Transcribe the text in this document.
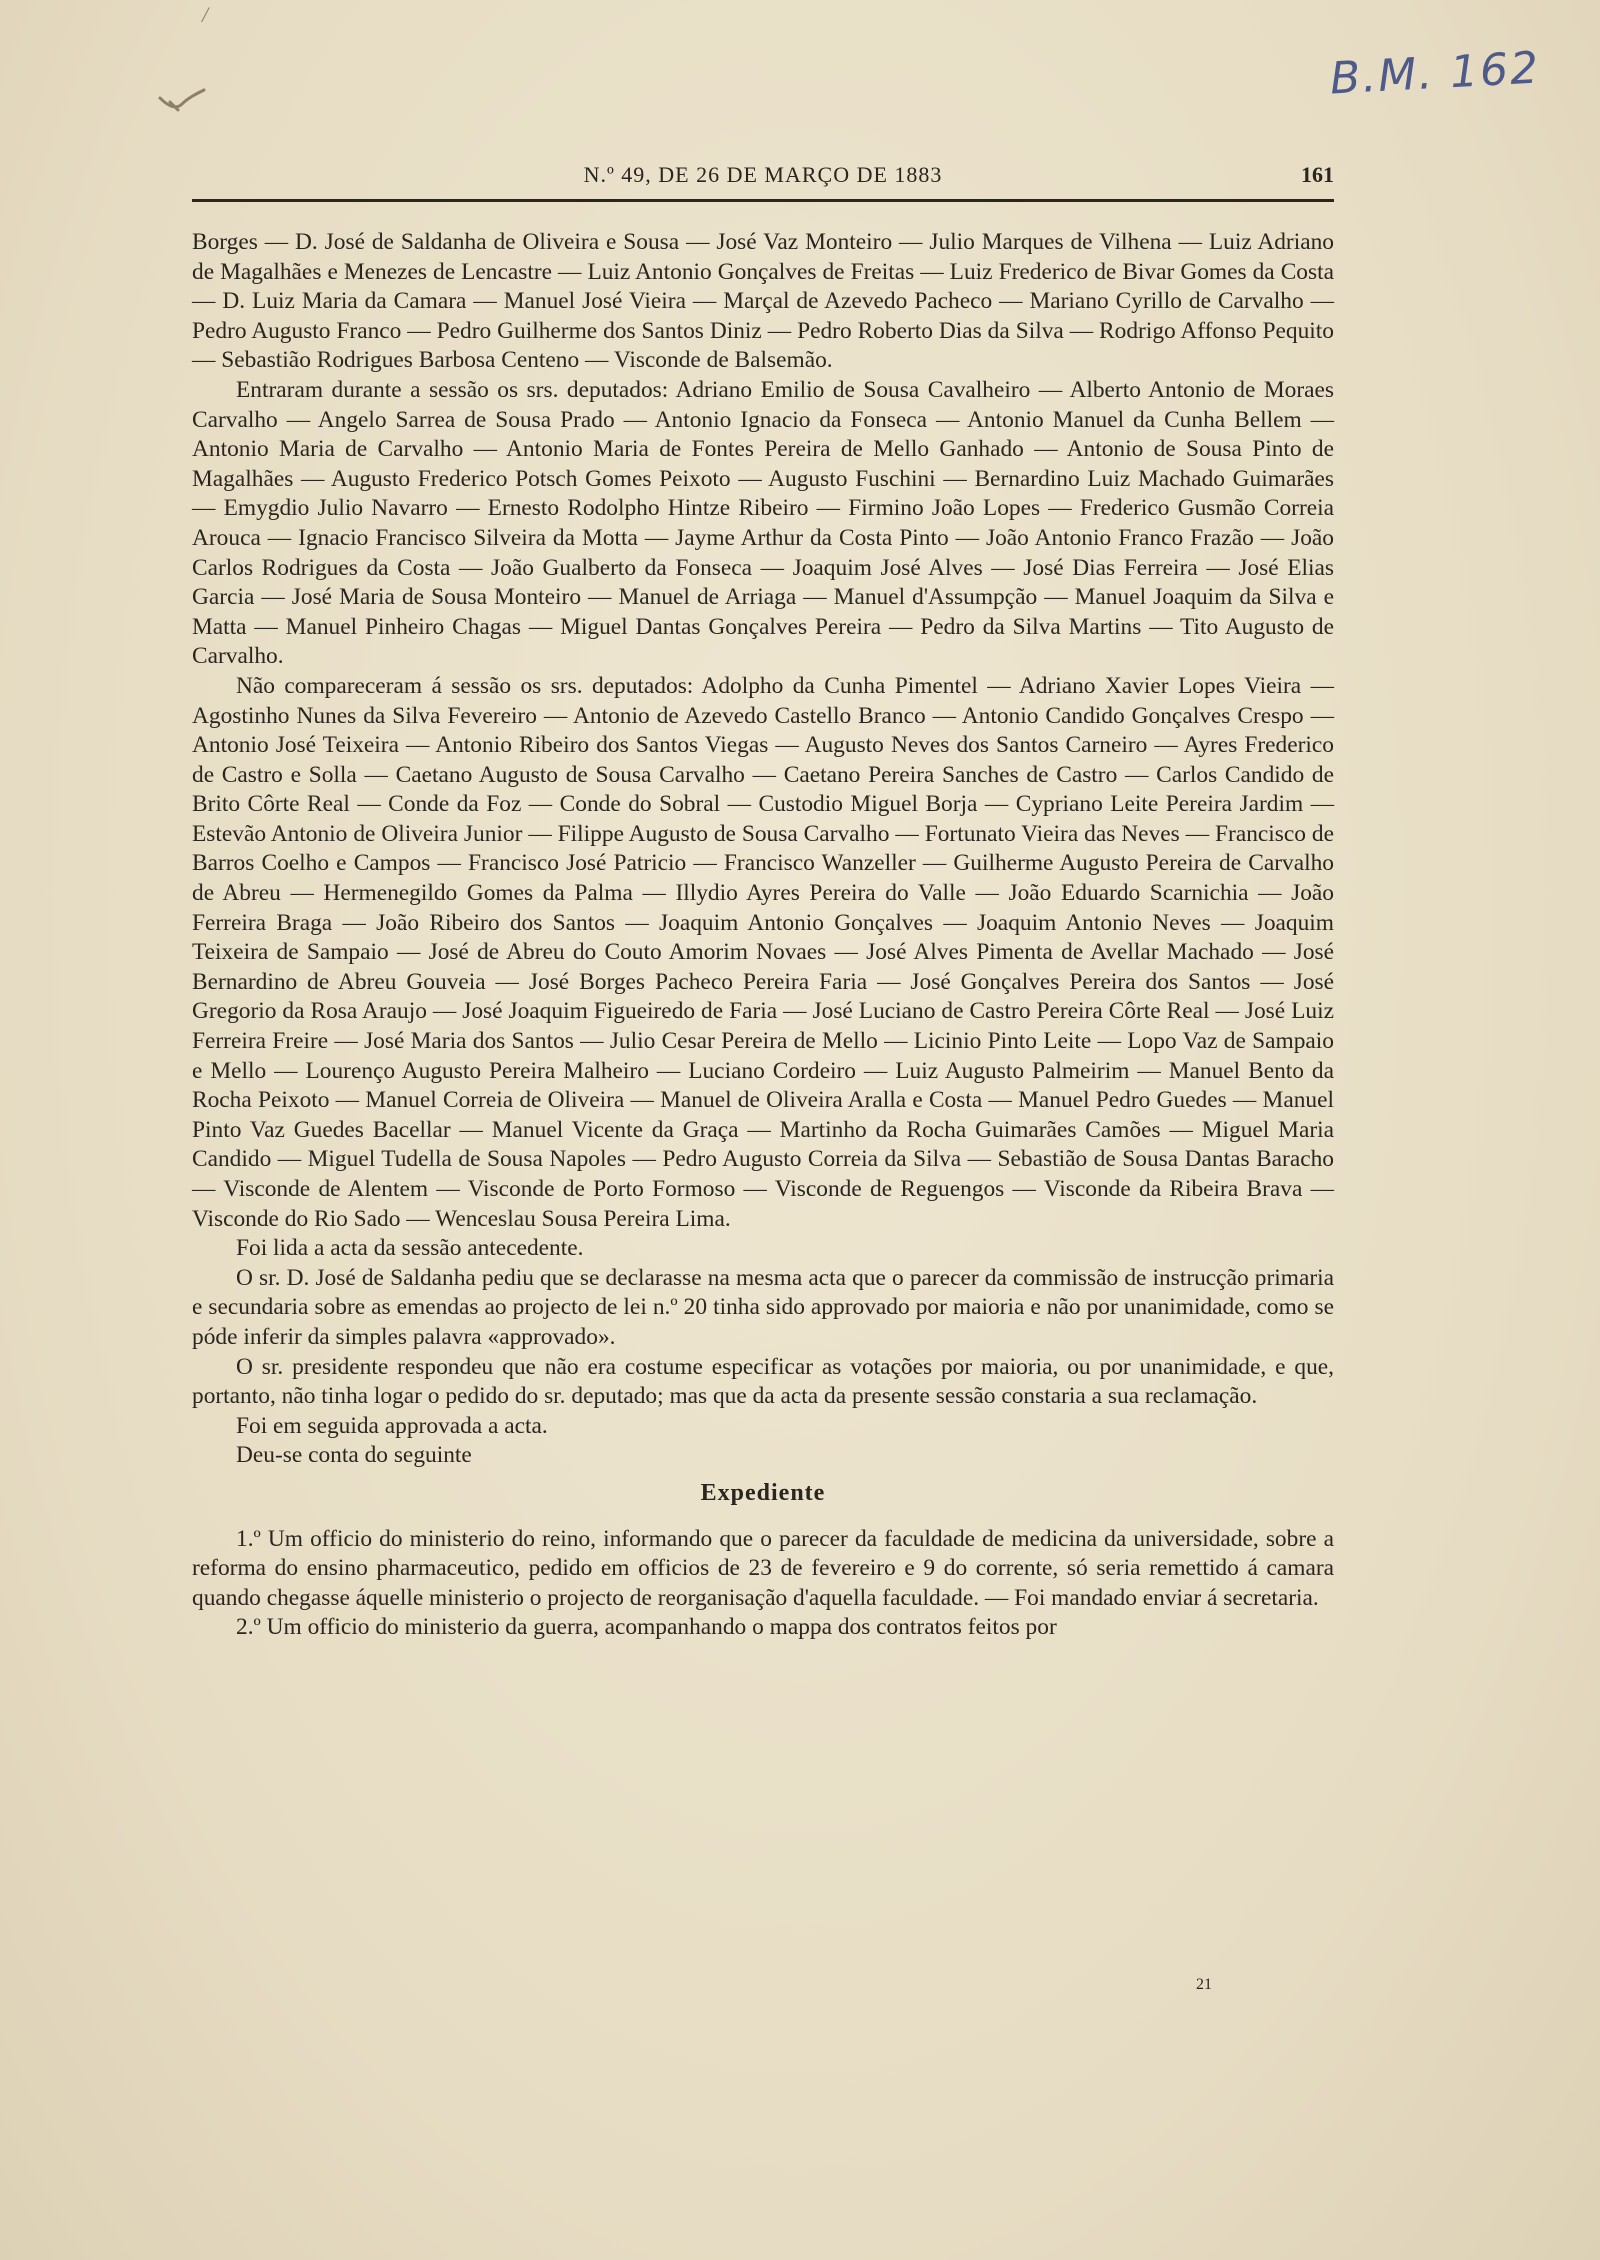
/
B.M. 162
N.º 49, DE 26 DE MARÇO DE 1883	161

Borges — D. José de Saldanha de Oliveira e Sousa — José Vaz Monteiro — Julio Marques de Vilhena — Luiz Adriano de Magalhães e Menezes de Lencastre — Luiz Antonio Gonçalves de Freitas — Luiz Frederico de Bivar Gomes da Costa — D. Luiz Maria da Camara — Manuel José Vieira — Marçal de Azevedo Pacheco — Mariano Cyrillo de Carvalho — Pedro Augusto Franco — Pedro Guilherme dos Santos Diniz — Pedro Roberto Dias da Silva — Rodrigo Affonso Pequito — Sebastião Rodrigues Barbosa Centeno — Visconde de Balsemão.

Entraram durante a sessão os srs. deputados: Adriano Emilio de Sousa Cavalheiro — Alberto Antonio de Moraes Carvalho — Angelo Sarrea de Sousa Prado — Antonio Ignacio da Fonseca — Antonio Manuel da Cunha Bellem — Antonio Maria de Carvalho — Antonio Maria de Fontes Pereira de Mello Ganhado — Antonio de Sousa Pinto de Magalhães — Augusto Frederico Potsch Gomes Peixoto — Augusto Fuschini — Bernardino Luiz Machado Guimarães — Emygdio Julio Navarro — Ernesto Rodolpho Hintze Ribeiro — Firmino João Lopes — Frederico Gusmão Correia Arouca — Ignacio Francisco Silveira da Motta — Jayme Arthur da Costa Pinto — João Antonio Franco Frazão — João Carlos Rodrigues da Costa — João Gualberto da Fonseca — Joaquim José Alves — José Dias Ferreira — José Elias Garcia — José Maria de Sousa Monteiro — Manuel de Arriaga — Manuel d'Assumpção — Manuel Joaquim da Silva e Matta — Manuel Pinheiro Chagas — Miguel Dantas Gonçalves Pereira — Pedro da Silva Martins — Tito Augusto de Carvalho.

Não compareceram á sessão os srs. deputados: Adolpho da Cunha Pimentel — Adriano Xavier Lopes Vieira — Agostinho Nunes da Silva Fevereiro — Antonio de Azevedo Castello Branco — Antonio Candido Gonçalves Crespo — Antonio José Teixeira — Antonio Ribeiro dos Santos Viegas — Augusto Neves dos Santos Carneiro — Ayres Frederico de Castro e Solla — Caetano Augusto de Sousa Carvalho — Caetano Pereira Sanches de Castro — Carlos Candido de Brito Côrte Real — Conde da Foz — Conde do Sobral — Custodio Miguel Borja — Cypriano Leite Pereira Jardim — Estevão Antonio de Oliveira Junior — Filippe Augusto de Sousa Carvalho — Fortunato Vieira das Neves — Francisco de Barros Coelho e Campos — Francisco José Patricio — Francisco Wanzeller — Guilherme Augusto Pereira de Carvalho de Abreu — Hermenegildo Gomes da Palma — Illydio Ayres Pereira do Valle — João Eduardo Scarnichia — João Ferreira Braga — João Ribeiro dos Santos — Joaquim Antonio Gonçalves — Joaquim Antonio Neves — Joaquim Teixeira de Sampaio — José de Abreu do Couto Amorim Novaes — José Alves Pimenta de Avellar Machado — José Bernardino de Abreu Gouveia — José Borges Pacheco Pereira Faria — José Gonçalves Pereira dos Santos — José Gregorio da Rosa Araujo — José Joaquim Figueiredo de Faria — José Luciano de Castro Pereira Côrte Real — José Luiz Ferreira Freire — José Maria dos Santos — Julio Cesar Pereira de Mello — Licinio Pinto Leite — Lopo Vaz de Sampaio e Mello — Lourenço Augusto Pereira Malheiro — Luciano Cordeiro — Luiz Augusto Palmeirim — Manuel Bento da Rocha Peixoto — Manuel Correia de Oliveira — Manuel de Oliveira Aralla e Costa — Manuel Pedro Guedes — Manuel Pinto Vaz Guedes Bacellar — Manuel Vicente da Graça — Martinho da Rocha Guimarães Camões — Miguel Maria Candido — Miguel Tudella de Sousa Napoles — Pedro Augusto Correia da Silva — Sebastião de Sousa Dantas Baracho — Visconde de Alentem — Visconde de Porto Formoso — Visconde de Reguengos — Visconde da Ribeira Brava — Visconde do Rio Sado — Wenceslau Sousa Pereira Lima.

Foi lida a acta da sessão antecedente.

O sr. D. José de Saldanha pediu que se declarasse na mesma acta que o parecer da commissão de instrucção primaria e secundaria sobre as emendas ao projecto de lei n.º 20 tinha sido approvado por maioria e não por unanimidade, como se póde inferir da simples palavra «approvado».

O sr. presidente respondeu que não era costume especificar as votações por maioria, ou por unanimidade, e que, portanto, não tinha logar o pedido do sr. deputado; mas que da acta da presente sessão constaria a sua reclamação.

Foi em seguida approvada a acta.

Deu-se conta do seguinte

Expediente

1.º Um officio do ministerio do reino, informando que o parecer da faculdade de medicina da universidade, sobre a reforma do ensino pharmaceutico, pedido em officios de 23 de fevereiro e 9 do corrente, só seria remettido á camara quando chegasse áquelle ministerio o projecto de reorganisação d'aquella faculdade. — Foi mandado enviar á secretaria.

2.º Um officio do ministerio da guerra, acompanhando o mappa dos contratos feitos por

21
